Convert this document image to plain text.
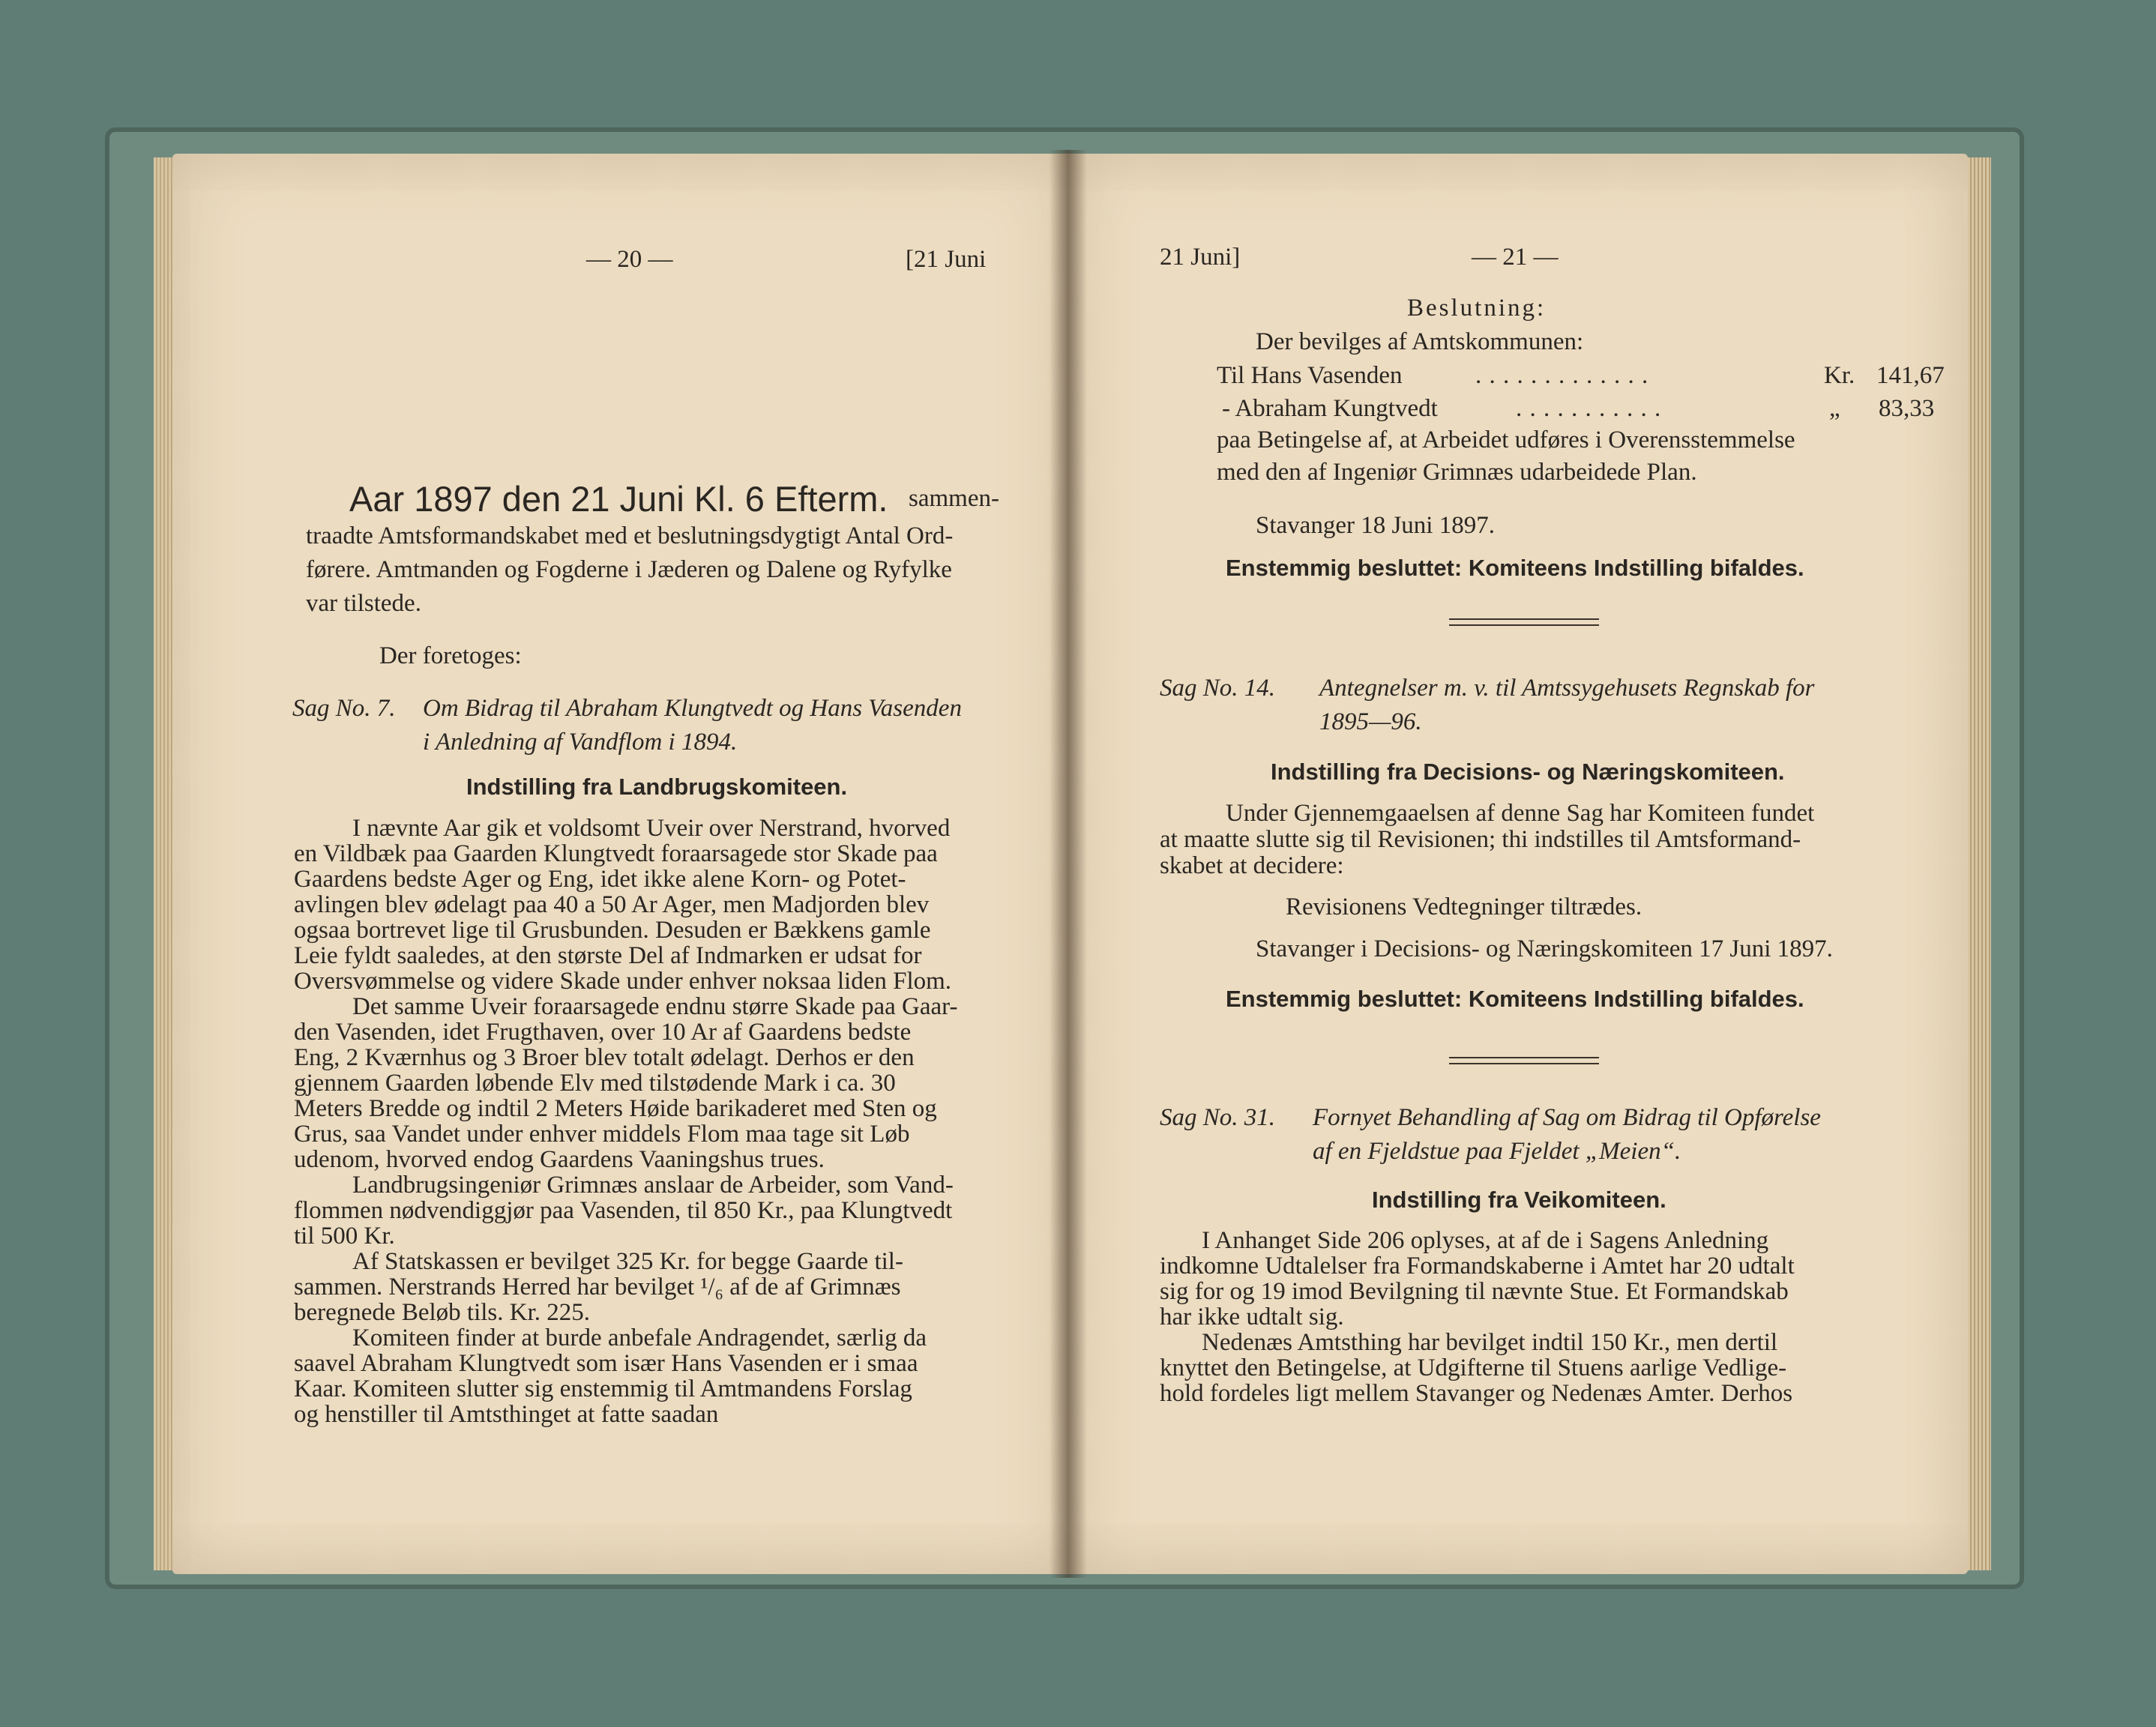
— 20 —	[21 Juni
Aar 1897 den 21 Juni Kl. 6 Efterm. sammen-
traadte Amtsformandskabet med et beslutningsdygtigt Antal Ord-
førere. Amtmanden og Fogderne i Jæderen og Dalene og Ryfylke
var tilstede.
Der foretoges:
Sag No. 7. Om Bidrag til Abraham Klungtvedt og Hans Vasenden
i Anledning af Vandflom i 1894.
Indstilling fra Landbrugskomiteen.
I nævnte Aar gik et voldsomt Uveir over Nerstrand, hvorved
en Vildbæk paa Gaarden Klungtvedt foraarsagede stor Skade paa
Gaardens bedste Ager og Eng, idet ikke alene Korn- og Potet-
avlingen blev ødelagt paa 40 a 50 Ar Ager, men Madjorden blev
ogsaa bortrevet lige til Grusbunden. Desuden er Bækkens gamle
Leie fyldt saaledes, at den største Del af Indmarken er udsat for
Oversvømmelse og videre Skade under enhver noksaa liden Flom.
Det samme Uveir foraarsagede endnu større Skade paa Gaar-
den Vasenden, idet Frugthaven, over 10 Ar af Gaardens bedste
Eng, 2 Kværnhus og 3 Broer blev totalt ødelagt. Derhos er den
gjennem Gaarden løbende Elv med tilstødende Mark i ca. 30
Meters Bredde og indtil 2 Meters Høide barikaderet med Sten og
Grus, saa Vandet under enhver middels Flom maa tage sit Løb
udenom, hvorved endog Gaardens Vaaningshus trues.
Landbrugsingeniør Grimnæs anslaar de Arbeider, som Vand-
flommen nødvendiggjør paa Vasenden, til 850 Kr., paa Klungtvedt
til 500 Kr.
Af Statskassen er bevilget 325 Kr. for begge Gaarde til-
sammen. Nerstrands Herred har bevilget ¹/₆ af de af Grimnæs
beregnede Beløb tils. Kr. 225.
Komiteen finder at burde anbefale Andragendet, særlig da
saavel Abraham Klungtvedt som især Hans Vasenden er i smaa
Kaar. Komiteen slutter sig enstemmig til Amtmandens Forslag
og henstiller til Amtsthinget at fatte saadan
21 Juni]	— 21 —
Beslutning:
Der bevilges af Amtskommunen:
Til Hans Vasenden	. . . . . . . . . . . . .	Kr. 141,67
- Abraham Kungtvedt	. . . . . . . . . . .	„ 83,33
paa Betingelse af, at Arbeidet udføres i Overensstemmelse
med den af Ingeniør Grimnæs udarbeidede Plan.
Stavanger 18 Juni 1897.
Enstemmig besluttet: Komiteens Indstilling bifaldes.
Sag No. 14. Antegnelser m. v. til Amtssygehusets Regnskab for
1895—96.
Indstilling fra Decisions- og Næringskomiteen.
Under Gjennemgaaelsen af denne Sag har Komiteen fundet
at maatte slutte sig til Revisionen; thi indstilles til Amtsformand-
skabet at decidere:
Revisionens Vedtegninger tiltrædes.
Stavanger i Decisions- og Næringskomiteen 17 Juni 1897.
Enstemmig besluttet: Komiteens Indstilling bifaldes.
Sag No. 31. Fornyet Behandling af Sag om Bidrag til Opførelse
af en Fjeldstue paa Fjeldet „Meien“.
Indstilling fra Veikomiteen.
I Anhanget Side 206 oplyses, at af de i Sagens Anledning
indkomne Udtalelser fra Formandskaberne i Amtet har 20 udtalt
sig for og 19 imod Bevilgning til nævnte Stue. Et Formandskab
har ikke udtalt sig.
Nedenæs Amtsthing har bevilget indtil 150 Kr., men dertil
knyttet den Betingelse, at Udgifterne til Stuens aarlige Vedlige-
hold fordeles ligt mellem Stavanger og Nedenæs Amter. Derhos
